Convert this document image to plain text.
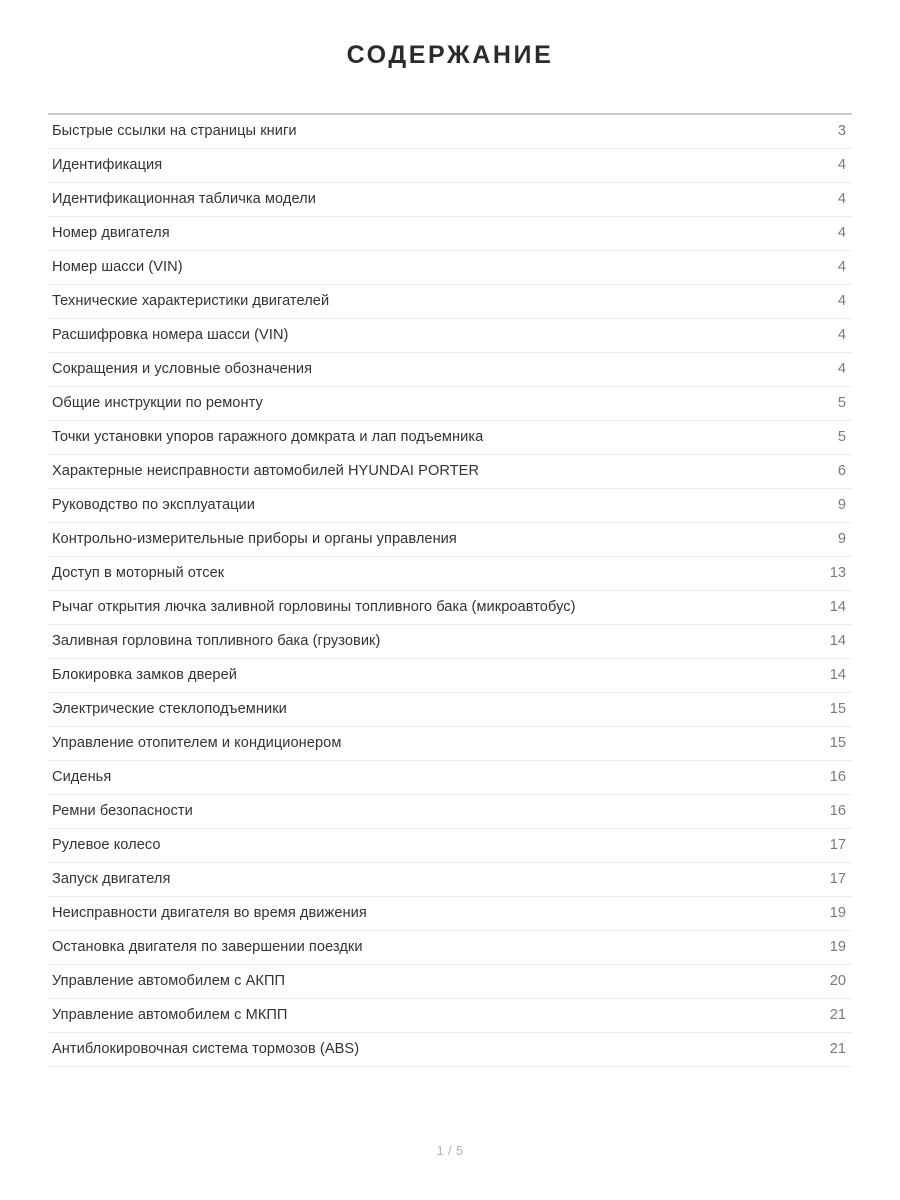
СОДЕРЖАНИЕ
Быстрые ссылки на страницы книги	3
Идентификация	4
Идентификационная табличка модели	4
Номер двигателя	4
Номер шасси (VIN)	4
Технические характеристики двигателей	4
Расшифровка номера шасси (VIN)	4
Сокращения и условные обозначения	4
Общие инструкции по ремонту	5
Точки установки упоров гаражного домкрата и лап подъемника	5
Характерные неисправности автомобилей HYUNDAI PORTER	6
Руководство по эксплуатации	9
Контрольно-измерительные приборы и органы управления	9
Доступ в моторный отсек	13
Рычаг открытия лючка заливной горловины топливного бака (микроавтобус)	14
Заливная горловина топливного бака (грузовик)	14
Блокировка замков дверей	14
Электрические стеклоподъемники	15
Управление отопителем и кондиционером	15
Сиденья	16
Ремни безопасности	16
Рулевое колесо	17
Запуск двигателя	17
Неисправности двигателя во время движения	19
Остановка двигателя по завершении поездки	19
Управление автомобилем с АКПП	20
Управление автомобилем с МКПП	21
Антиблокировочная система тормозов (ABS)	21
1 / 5
